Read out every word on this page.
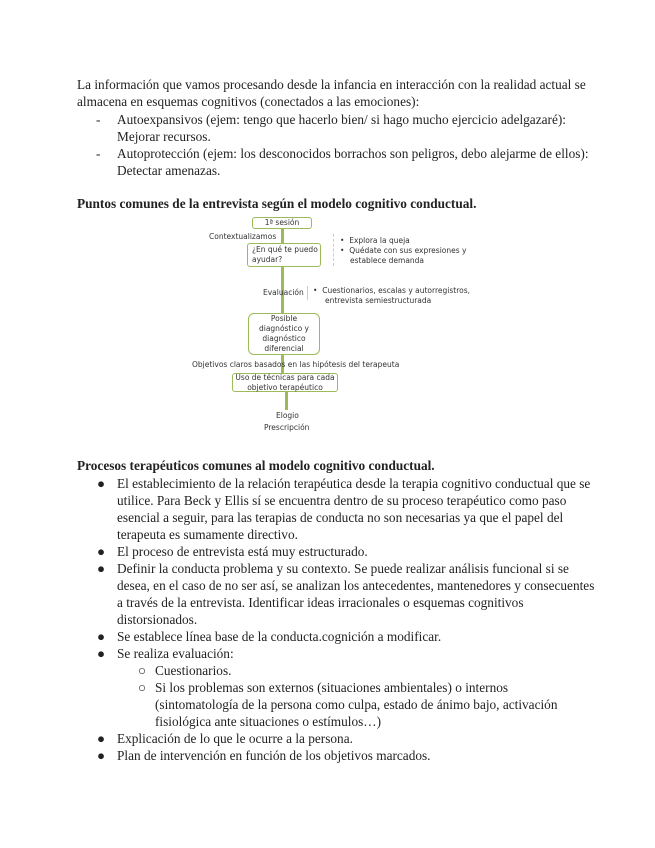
La información que vamos procesando desde la infancia en interacción con la realidad actual se
almacena en esquemas cognitivos (conectados a las emociones):
- Autoexpansivos (ejem: tengo que hacerlo bien/ si hago mucho ejercicio adelgazaré):
Mejorar recursos.
- Autoprotección (ejem: los desconocidos borrachos son peligros, debo alejarme de ellos):
Detectar amenazas.
Puntos comunes de la entrevista según el modelo cognitivo conductual.
1ª sesión
Contextualizamos
¿En qué te puedo
ayudar?
•  Explora la queja
•  Quédate con sus expresiones y
establece demanda
Evaluación •  Cuestionarios, escalas y autorregistros,
entrevista semiestructurada
Posible
diagnóstico y
diagnóstico
diferencial
Objetivos claros basados en las hipótesis del terapeuta
Uso de técnicas para cada
objetivo terapéutico
Elogio
Prescripción
Procesos terapéuticos comunes al modelo cognitivo conductual.
● El establecimiento de la relación terapéutica desde la terapia cognitivo conductual que se
utilice. Para Beck y Ellis sí se encuentra dentro de su proceso terapéutico como paso
esencial a seguir, para las terapias de conducta no son necesarias ya que el papel del
terapeuta es sumamente directivo.
● El proceso de entrevista está muy estructurado.
● Definir la conducta problema y su contexto. Se puede realizar análisis funcional si se
desea, en el caso de no ser así, se analizan los antecedentes, mantenedores y consecuentes
a través de la entrevista. Identificar ideas irracionales o esquemas cognitivos
distorsionados.
● Se establece línea base de la conducta.cognición a modificar.
● Se realiza evaluación:
○ Cuestionarios.
○ Si los problemas son externos (situaciones ambientales) o internos
(sintomatología de la persona como culpa, estado de ánimo bajo, activación
fisiológica ante situaciones o estímulos…)
● Explicación de lo que le ocurre a la persona.
● Plan de intervención en función de los objetivos marcados.
